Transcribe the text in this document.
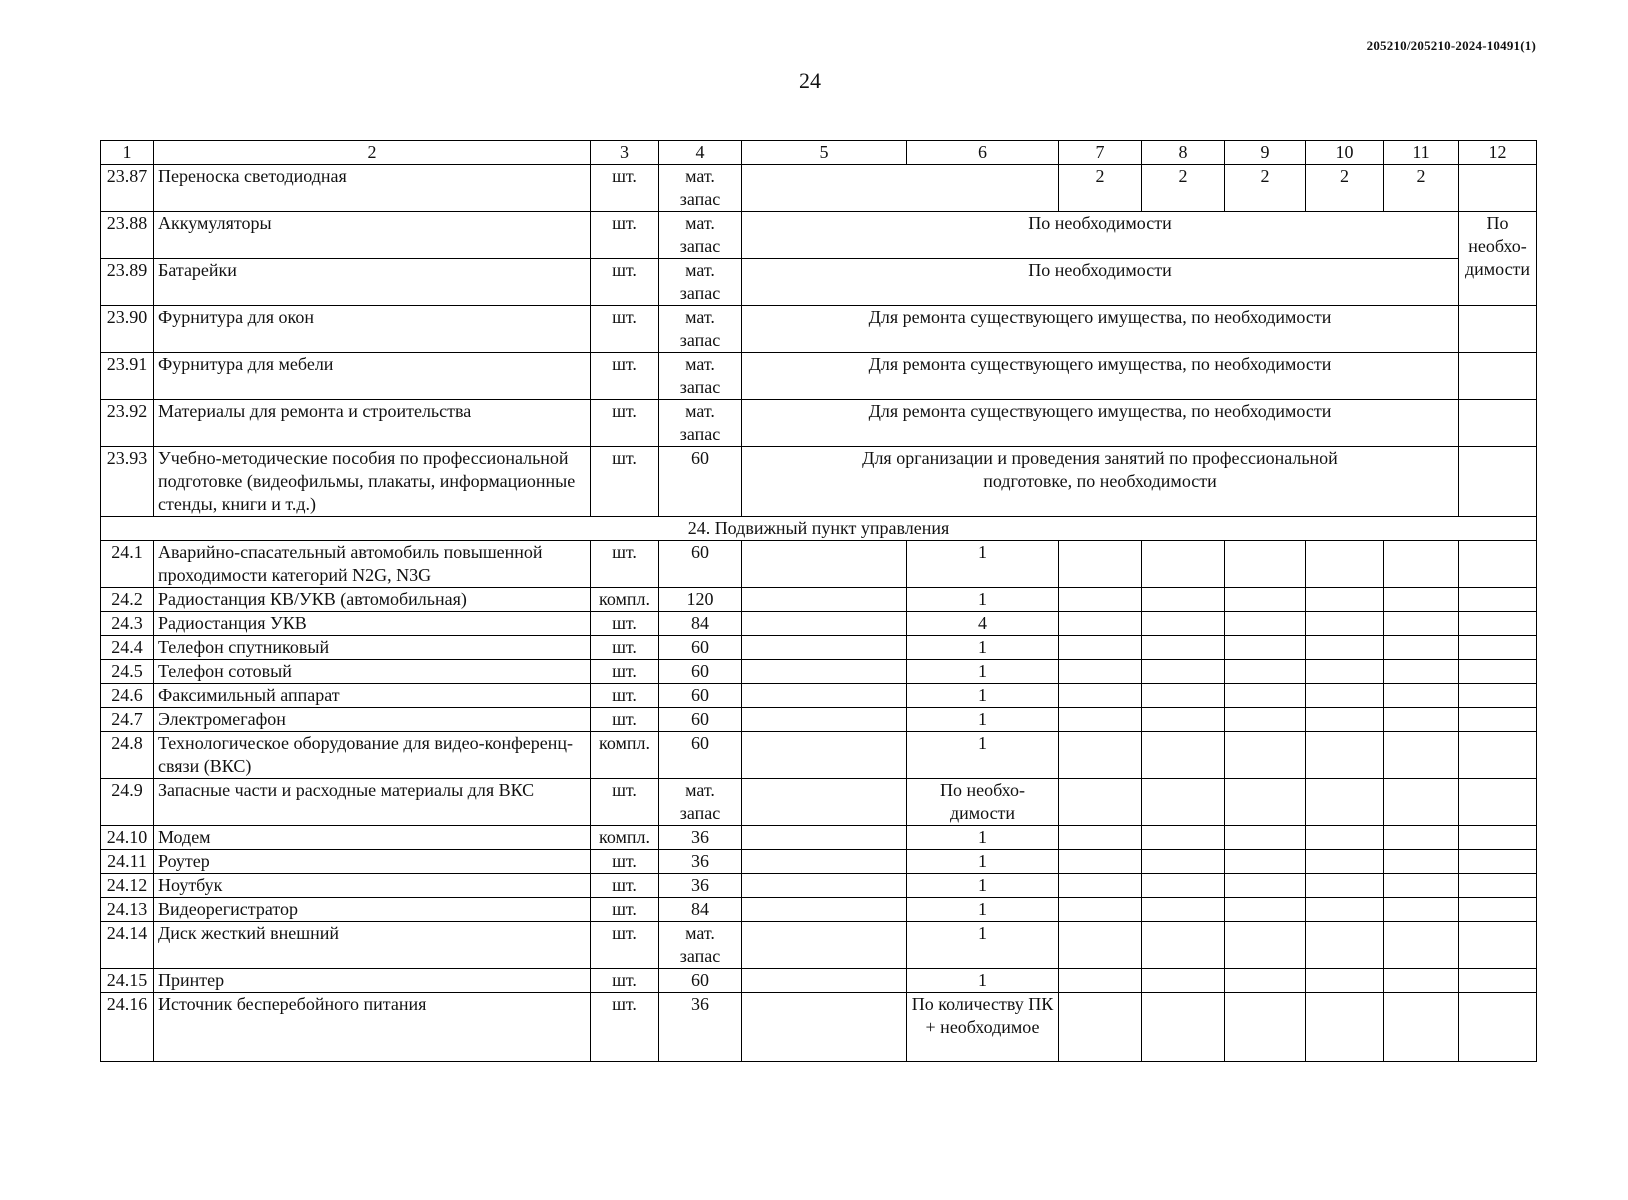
205210/205210-2024-10491(1)
24
1	2	3	4	5	6	7	8	9	10	11	12
23.87	Переноска светодиодная	шт.	мат. запас			2	2	2	2	2	
23.88	Аккумуляторы	шт.	мат. запас	По необходимости							По необхо-димости
23.89	Батарейки	шт.	мат. запас	По необходимости							
23.90	Фурнитура для окон	шт.	мат. запас	Для ремонта существующего имущества, по необходимости							
23.91	Фурнитура для мебели	шт.	мат. запас	Для ремонта существующего имущества, по необходимости							
23.92	Материалы для ремонта и строительства	шт.	мат. запас	Для ремонта существующего имущества, по необходимости							
23.93	Учебно-методические пособия по профессиональной подготовке (видеофильмы, плакаты, информационные стенды, книги и т.д.)	шт.	60	Для организации и проведения занятий по профессиональной подготовке, по необходимости							
24. Подвижный пункт управления											
24.1	Аварийно-спасательный автомобиль повышенной проходимости категорий N2G, N3G	шт.	60		1						
24.2	Радиостанция КВ/УКВ (автомобильная)	компл.	120		1						
24.3	Радиостанция УКВ	шт.	84		4						
24.4	Телефон спутниковый	шт.	60		1						
24.5	Телефон сотовый	шт.	60		1						
24.6	Факсимильный аппарат	шт.	60		1						
24.7	Электромегафон	шт.	60		1						
24.8	Технологическое оборудование для видео-конференц-связи (ВКС)	компл.	60		1						
24.9	Запасные части и расходные материалы для ВКС	шт.	мат. запас		По необхо-димости						
24.10	Модем	компл.	36		1						
24.11	Роутер	шт.	36		1						
24.12	Ноутбук	шт.	36		1						
24.13	Видеорегистратор	шт.	84		1						
24.14	Диск жесткий внешний	шт.	мат. запас		1						
24.15	Принтер	шт.	60		1						
24.16	Источник бесперебойного питания	шт.	36		По количеству ПК + необходимое						
